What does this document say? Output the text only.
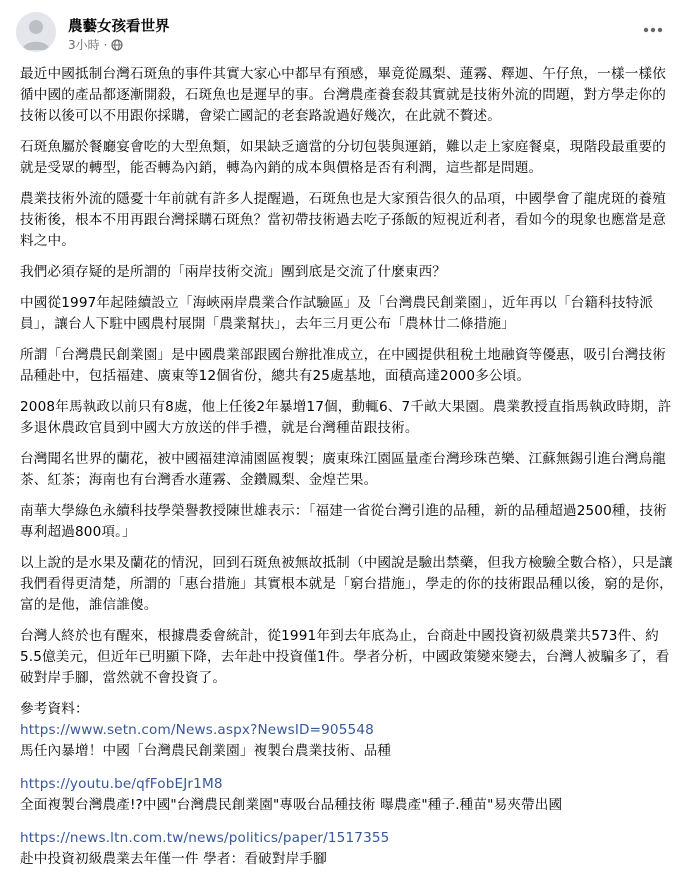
農藝女孩看世界
3小時 ·

最近中國抵制台灣石斑魚的事件其實大家心中都早有預感，畢竟從鳳梨、蓮霧、釋迦、午仔魚，一樣一樣依循中國的產品都逐漸開殺，石斑魚也是遲早的事。台灣農產養套殺其實就是技術外流的問題，對方學走你的技術以後可以不用跟你採購，會梁亡國記的老套路說過好幾次，在此就不贅述。

石斑魚屬於餐廳宴會吃的大型魚類，如果缺乏適當的分切包裝與運銷，難以走上家庭餐桌，現階段最重要的就是受眾的轉型，能否轉為內銷，轉為內銷的成本與價格是否有利潤，這些都是問題。

農業技術外流的隱憂十年前就有許多人提醒過，石斑魚也是大家預告很久的品項，中國學會了龍虎斑的養殖技術後，根本不用再跟台灣採購石斑魚？當初帶技術過去吃子孫飯的短視近利者，看如今的現象也應當是意料之中。

我們必須存疑的是所謂的「兩岸技術交流」團到底是交流了什麼東西？

中國從1997年起陸續設立「海峽兩岸農業合作試驗區」及「台灣農民創業園」，近年再以「台籍科技特派員」，讓台人下駐中國農村展開「農業幫扶」，去年三月更公布「農林廿二條措施」

所謂「台灣農民創業園」是中國農業部跟國台辦批准成立，在中國提供租稅土地融資等優惠，吸引台灣技術品種赴中，包括福建、廣東等12個省份，總共有25處基地，面積高達2000多公頃。

2008年馬執政以前只有8處，他上任後2年暴增17個，動輒6、7千畝大果園。農業教授直指馬執政時期，許多退休農政官員到中國大方放送的伴手禮，就是台灣種苗跟技術。

台灣聞名世界的蘭花，被中國福建漳浦園區複製；廣東珠江園區量產台灣珍珠芭樂、江蘇無錫引進台灣烏龍茶、紅茶；海南也有台灣香水蓮霧、金鑽鳳梨、金煌芒果。

南華大學綠色永續科技學榮譽教授陳世雄表示：「福建一省從台灣引進的品種，新的品種超過2500種，技術專利超過800項。」

以上說的是水果及蘭花的情況，回到石斑魚被無故抵制（中國說是驗出禁藥，但我方檢驗全數合格），只是讓我們看得更清楚，所謂的「惠台措施」其實根本就是「窮台措施」，學走的你的技術跟品種以後，窮的是你，富的是他，誰信誰傻。

台灣人終於也有醒來，根據農委會統計，從1991年到去年底為止，台商赴中國投資初級農業共573件、約 5.5億美元，但近年已明顯下降，去年赴中投資僅1件。學者分析，中國政策變來變去，台灣人被騙多了，看破對岸手腳，當然就不會投資了。

參考資料：
https://www.setn.com/News.aspx?NewsID=905548
馬任內暴增！中國「台灣農民創業園」複製台農業技術、品種
https://youtu.be/qfFobEJr1M8
全面複製台灣農產!?中國"台灣農民創業園"專吸台品種技術 曝農產"種子.種苗"易夾帶出國
https://news.ltn.com.tw/news/politics/paper/1517355
赴中投資初級農業去年僅一件 學者：看破對岸手腳
